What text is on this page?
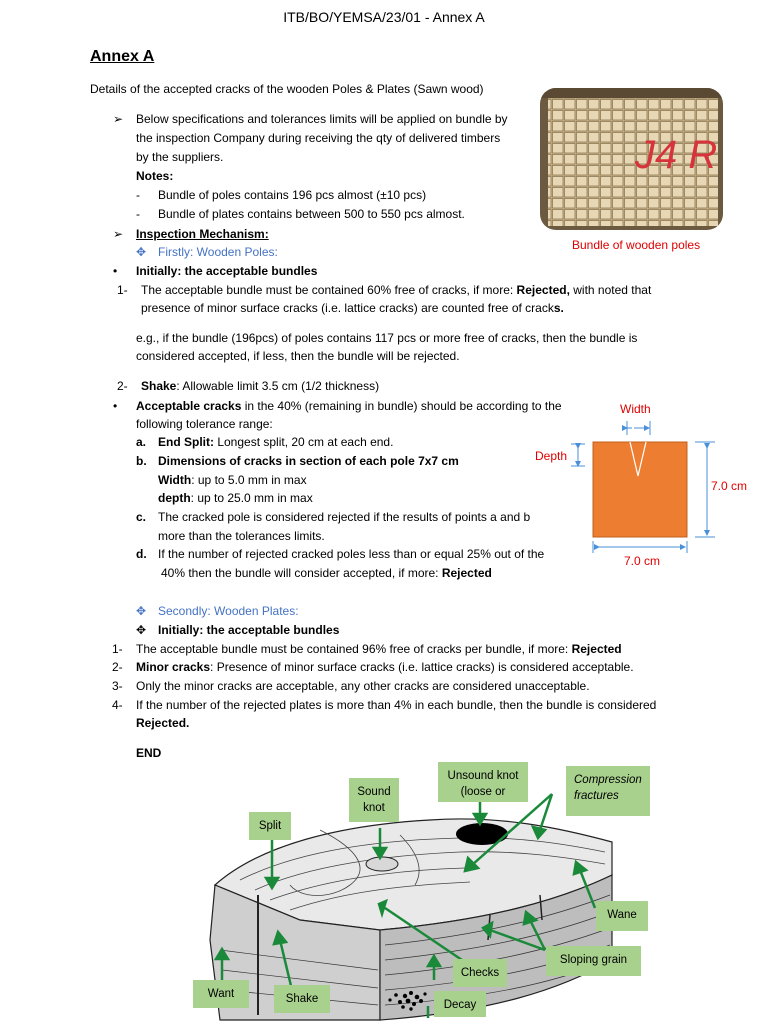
ITB/BO/YEMSA/23/01 - Annex A
Annex A
Details of the accepted cracks of the wooden Poles & Plates (Sawn wood)
➢ Below specifications and tolerances limits will be applied on bundle by
the inspection Company during receiving the qty of delivered timbers
by the suppliers.
Notes:
- Bundle of poles contains 196 pcs almost (±10 pcs)
- Bundle of plates contains between 500 to 550 pcs almost.
J4 R
Bundle of wooden poles
➢ Inspection Mechanism:
✥ Firstly: Wooden Poles:
• Initially: the acceptable bundles
1- The acceptable bundle must be contained 60% free of cracks, if more: Rejected, with noted that
presence of minor surface cracks (i.e. lattice cracks) are counted free of cracks.
e.g., if the bundle (196pcs) of poles contains 117 pcs or more free of cracks, then the bundle is
considered accepted, if less, then the bundle will be rejected.
2- Shake: Allowable limit 3.5 cm (1/2 thickness)
• Acceptable cracks in the 40% (remaining in bundle) should be according to the
following tolerance range:
a. End Split: Longest split, 20 cm at each end.
b. Dimensions of cracks in section of each pole 7x7 cm
Width: up to 5.0 mm in max
depth: up to 25.0 mm in max
c. The cracked pole is considered rejected if the results of points a and b
more than the tolerances limits.
d. If the number of rejected cracked poles less than or equal 25% out of the
40% then the bundle will consider accepted, if more: Rejected
Width
Depth
7.0 cm
7.0 cm
✥ Secondly: Wooden Plates:
✥ Initially: the acceptable bundles
1- The acceptable bundle must be contained 96% free of cracks per bundle, if more: Rejected
2- Minor cracks: Presence of minor surface cracks (i.e. lattice cracks) is considered acceptable.
3- Only the minor cracks are acceptable, any other cracks are considered unacceptable.
4- If the number of the rejected plates is more than 4% in each bundle, then the bundle is considered
Rejected.
END
Sound
knot
Unsound knot
(loose or
Compression
fractures
Split
Wane
Sloping grain
Checks
Want	Shake	Decay
